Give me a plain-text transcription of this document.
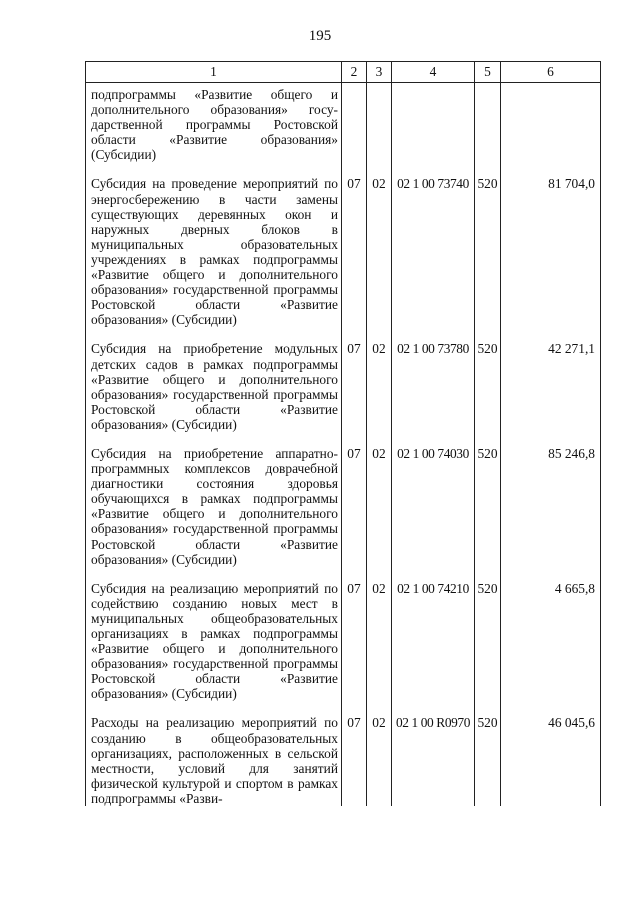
195
1	2	3	4	5	6
подпрограммы «Развитие общего и дополнительного образования» государственной программы Ростовской области «Развитие образования» (Субсидии)					

Субсидия на проведение мероприятий по энергосбережению в части замены существующих деревянных окон и наружных дверных блоков в муниципальных образовательных учреждениях в рамках подпрограммы «Развитие общего и дополнительного образования» государственной программы Ростовской области «Развитие образования» (Субсидии)	07	02	02 1 00 73740	520	81 704,0

Субсидия на приобретение модульных детских садов в рамках подпрограммы «Развитие общего и дополнительного образования» государственной программы Ростовской области «Развитие образования» (Субсидии)	07	02	02 1 00 73780	520	42 271,1

Субсидия на приобретение аппаратно-программных комплексов доврачебной диагностики состояния здоровья обучающихся в рамках подпрограммы «Развитие общего и дополнительного образования» государственной программы Ростовской области «Развитие образования» (Субсидии)	07	02	02 1 00 74030	520	85 246,8

Субсидия на реализацию мероприятий по содействию созданию новых мест в муниципальных общеобразовательных организациях в рамках подпрограммы «Развитие общего и дополнительного образования» государственной программы Ростовской области «Развитие образования» (Субсидии)	07	02	02 1 00 74210	520	4 665,8

Расходы на реализацию мероприятий по созданию в общеобразовательных организациях, расположенных в сельской местности, условий для занятий физической культурой и спортом в рамках подпрограммы «Разви-	07	02	02 1 00 R0970	520	46 045,6
